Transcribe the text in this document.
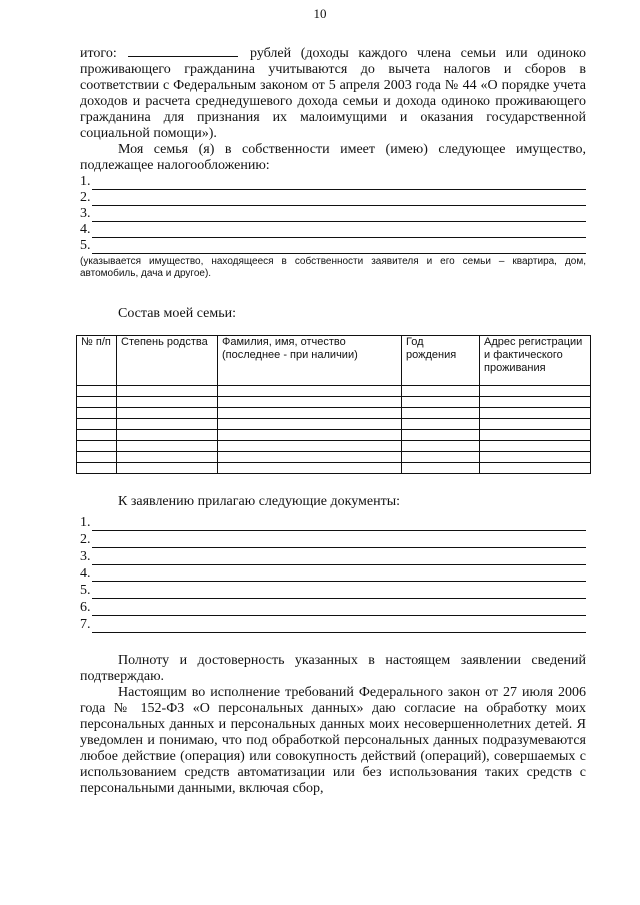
10

итого:	рублей (доходы каждого члена семьи или одиноко проживающего гражданина учитываются до вычета налогов и сборов в соответствии с Федеральным законом от 5 апреля 2003 года № 44 «О порядке учета доходов и расчета среднедушевого дохода семьи и дохода одиноко проживающего гражданина для признания их малоимущими и оказания государственной социальной помощи»).

Моя семья (я) в собственности имеет (имею) следующее имущество, подлежащее налогообложению:

1.
2.
3.
4.
5.

(указывается имущество, находящееся в собственности заявителя и его семьи – квартира, дом, автомобиль, дача и другое).

Состав моей семьи:

№ п/п	Степень родства	Фамилия, имя, отчество (последнее - при наличии)	Год рождения	Адрес регистрации и фактического проживания

К заявлению прилагаю следующие документы:

1.
2.
3.
4.
5.
6.
7.

Полноту и достоверность указанных в настоящем заявлении сведений подтверждаю.

Настоящим во исполнение требований Федерального закон от 27 июля 2006 года № 152-ФЗ «О персональных данных» даю согласие на обработку моих персональных данных и персональных данных моих несовершеннолетних детей. Я уведомлен и понимаю, что под обработкой персональных данных подразумеваются любое действие (операция) или совокупность действий (операций), совершаемых с использованием средств автоматизации или без использования таких средств с персональными данными, включая сбор,
